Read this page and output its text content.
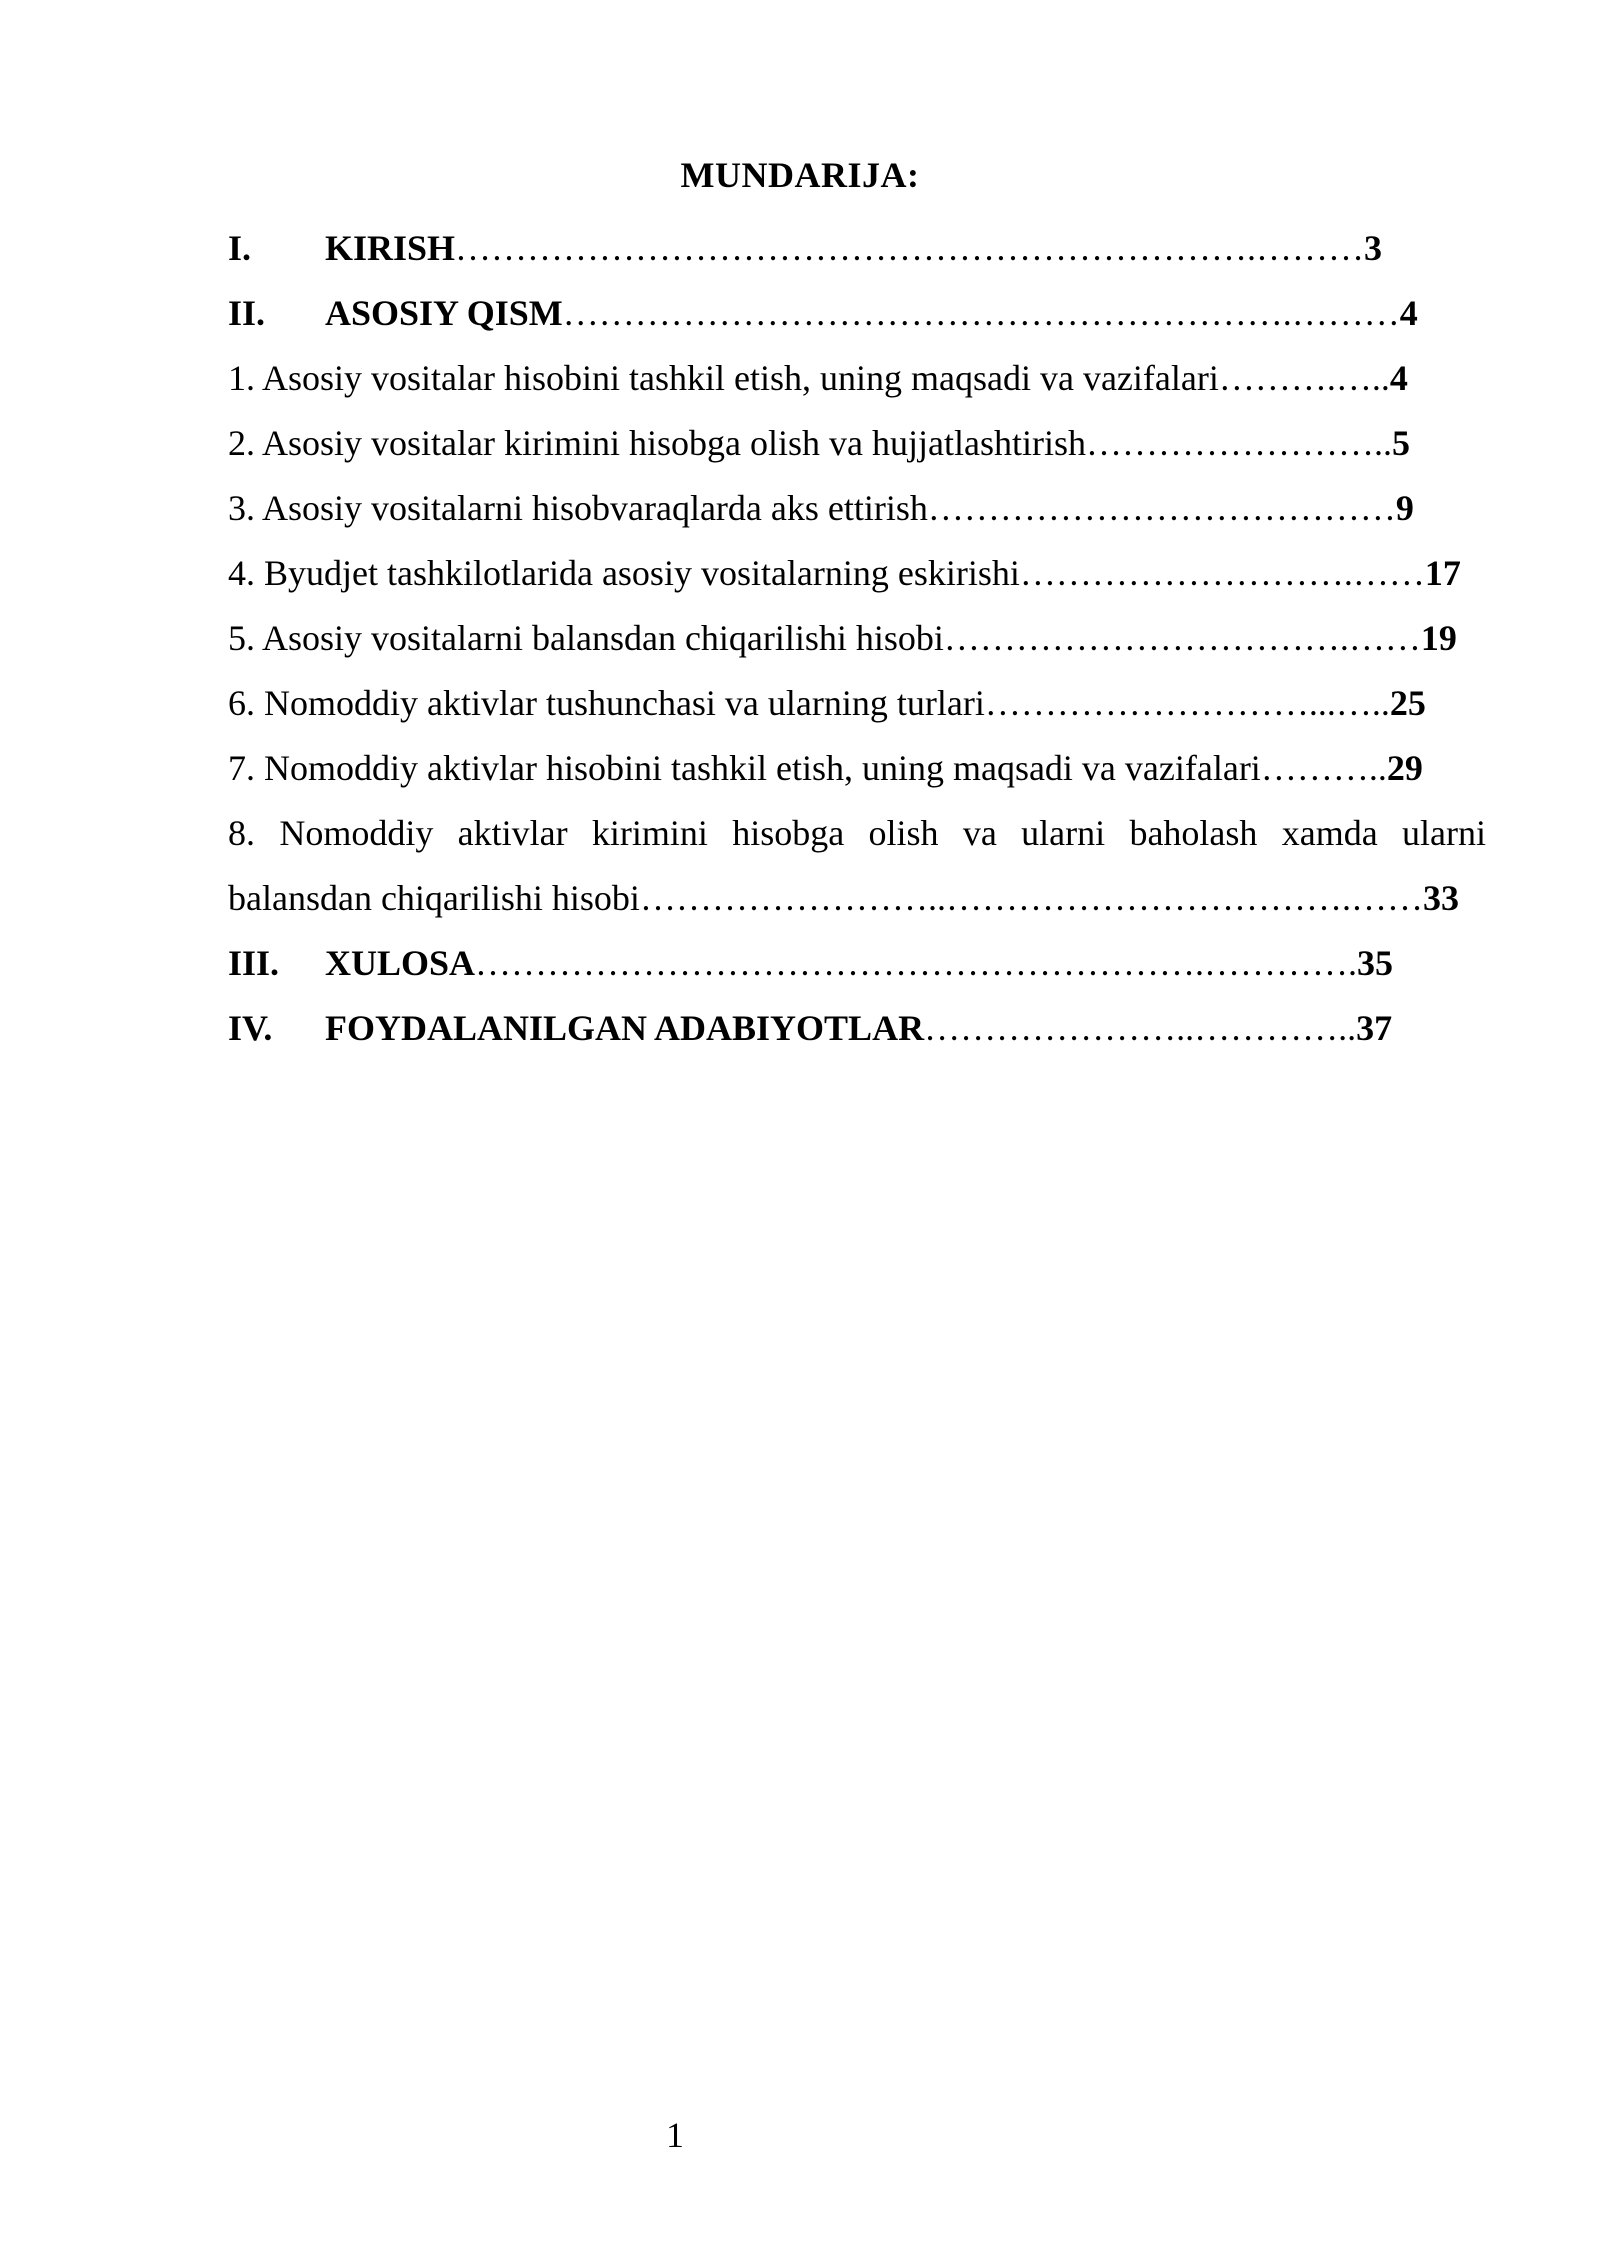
MUNDARIJA:
I. KIRISH………………………………………………………….………3
II. ASOSIY QISM…………………………………………………….………4
1. Asosiy vositalar hisobini tashkil etish, uning maqsadi va vazifalari……….…..4
2. Asosiy vositalar kirimini hisobga olish va hujjatlashtirish……………………..5
3. Asosiy vositalarni hisobvaraqlarda aks ettirish…………………………………9
4. Byudjet tashkilotlarida asosiy vositalarning eskirishi……………………….……17
5. Asosiy vositalarni balansdan chiqarilishi hisobi…………………………….……19
6. Nomoddiy aktivlar tushunchasi va ularning turlari………………………...…..25
7. Nomoddiy aktivlar hisobini tashkil etish, uning maqsadi va vazifalari………..29
8. Nomoddiy aktivlar kirimini hisobga olish va ularni baholash xamda ularni
balansdan chiqarilishi hisobi……………………..…………………………….……33
III. XULOSA…………………………………………………….………….35
IV. FOYDALANILGAN ADABIYOTLAR…………………..…………..37
1
